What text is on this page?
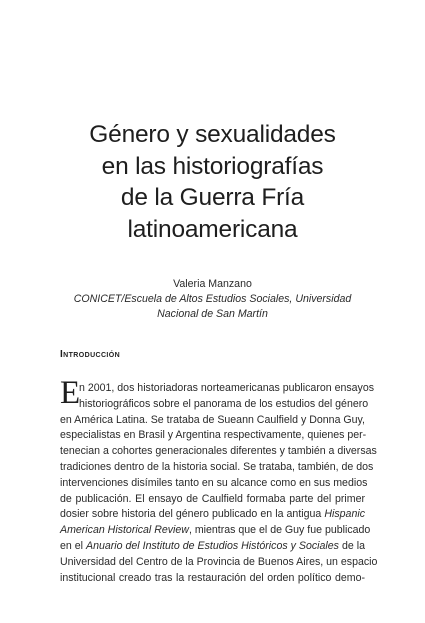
Género y sexualidades
en las historiografías
de la Guerra Fría
latinoamericana
Valeria Manzano
CONICET/Escuela de Altos Estudios Sociales, Universidad
Nacional de San Martín
Introducción
E
n 2001, dos historiadoras norteamericanas publicaron ensayos
historiográficos sobre el panorama de los estudios del género
en América Latina. Se trataba de Sueann Caulfield y Donna Guy,
especialistas en Brasil y Argentina respectivamente, quienes per-
tenecian a cohortes generacionales diferentes y también a diversas
tradiciones dentro de la historia social. Se trataba, también, de dos
intervenciones disímiles tanto en su alcance como en sus medios
de publicación. El ensayo de Caulfield formaba parte del primer
dosier sobre historia del género publicado en la antigua Hispanic
American Historical Review, mientras que el de Guy fue publicado
en el Anuario del Instituto de Estudios Históricos y Sociales de la
Universidad del Centro de la Provincia de Buenos Aires, un espacio
institucional creado tras la restauración del orden político demo-
